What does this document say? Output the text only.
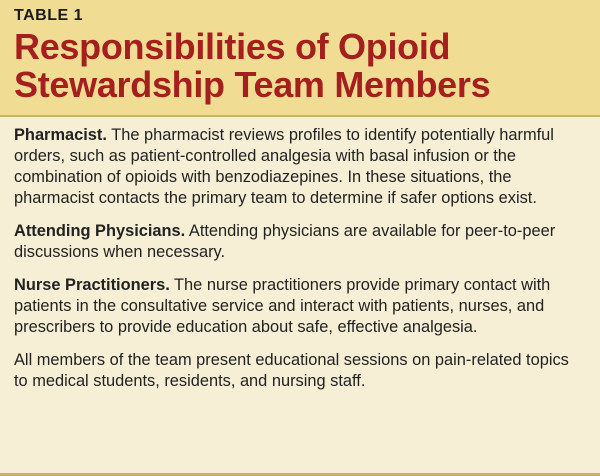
TABLE 1
Responsibilities of Opioid
Stewardship Team Members

Pharmacist. The pharmacist reviews profiles to identify potentially harmful orders, such as patient-controlled analgesia with basal infusion or the combination of opioids with benzodiazepines. In these situations, the pharmacist contacts the primary team to determine if safer options exist.

Attending Physicians. Attending physicians are available for peer-to-peer discussions when necessary.

Nurse Practitioners. The nurse practitioners provide primary contact with patients in the consultative service and interact with patients, nurses, and prescribers to provide education about safe, effective analgesia.

All members of the team present educational sessions on pain-related topics to medical students, residents, and nursing staff.
